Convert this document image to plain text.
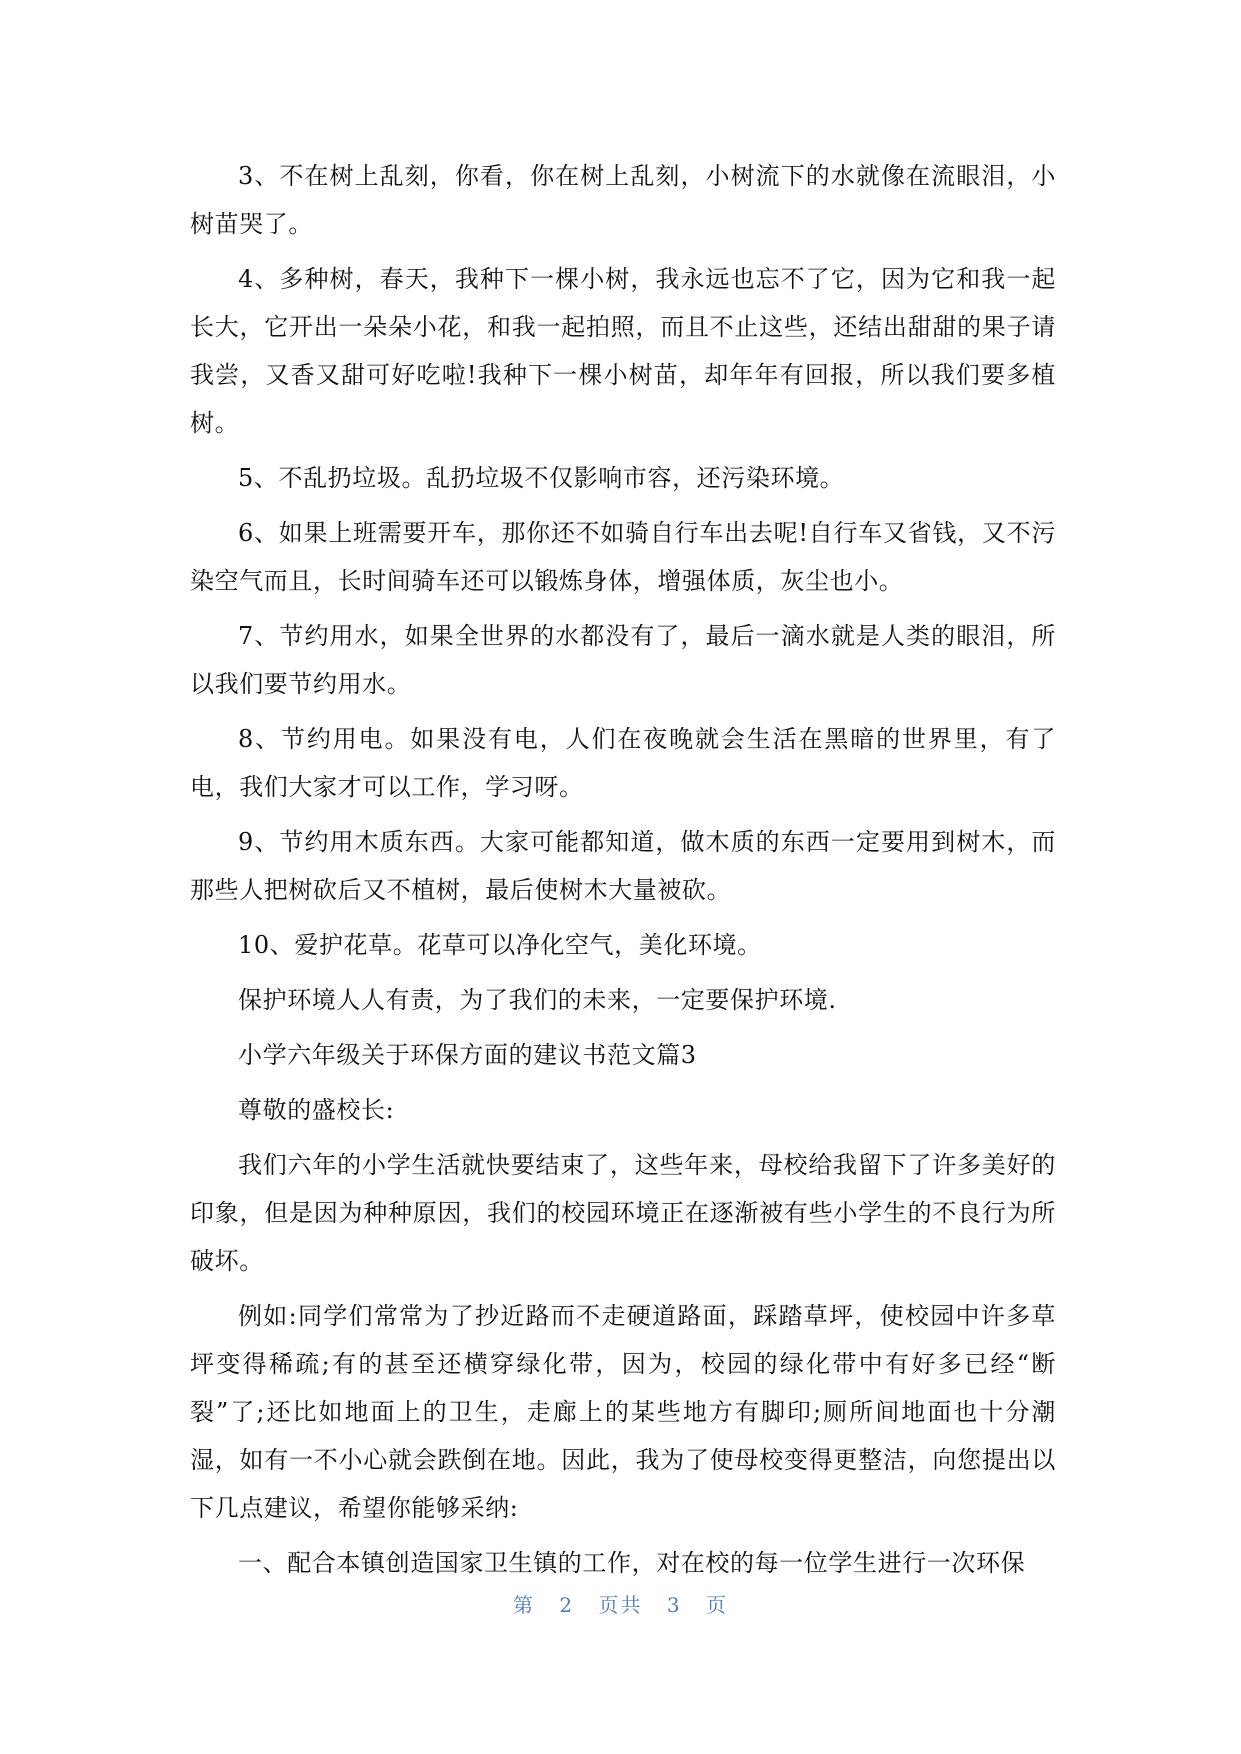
3、不在树上乱刻，你看，你在树上乱刻，小树流下的水就像在流眼泪，小树苗哭了。

4、多种树，春天，我种下一棵小树，我永远也忘不了它，因为它和我一起长大，它开出一朵朵小花，和我一起拍照，而且不止这些，还结出甜甜的果子请我尝，又香又甜可好吃啦!我种下一棵小树苗，却年年有回报，所以我们要多植树。

5、不乱扔垃圾。乱扔垃圾不仅影响市容，还污染环境。

6、如果上班需要开车，那你还不如骑自行车出去呢!自行车又省钱，又不污染空气而且，长时间骑车还可以锻炼身体，增强体质，灰尘也小。

7、节约用水，如果全世界的水都没有了，最后一滴水就是人类的眼泪，所以我们要节约用水。

8、节约用电。如果没有电，人们在夜晚就会生活在黑暗的世界里，有了电，我们大家才可以工作，学习呀。

9、节约用木质东西。大家可能都知道，做木质的东西一定要用到树木，而那些人把树砍后又不植树，最后使树木大量被砍。

10、爱护花草。花草可以净化空气，美化环境。

保护环境人人有责，为了我们的未来，一定要保护环境.

小学六年级关于环保方面的建议书范文篇3

尊敬的盛校长:

我们六年的小学生活就快要结束了，这些年来，母校给我留下了许多美好的印象，但是因为种种原因，我们的校园环境正在逐渐被有些小学生的不良行为所破坏。

例如:同学们常常为了抄近路而不走硬道路面，踩踏草坪，使校园中许多草坪变得稀疏;有的甚至还横穿绿化带，因为，校园的绿化带中有好多已经“断裂”了;还比如地面上的卫生，走廊上的某些地方有脚印;厕所间地面也十分潮湿，如有一不小心就会跌倒在地。因此，我为了使母校变得更整洁，向您提出以下几点建议，希望你能够采纳:

一、配合本镇创造国家卫生镇的工作，对在校的每一位学生进行一次环保

第 2 页共 3 页
